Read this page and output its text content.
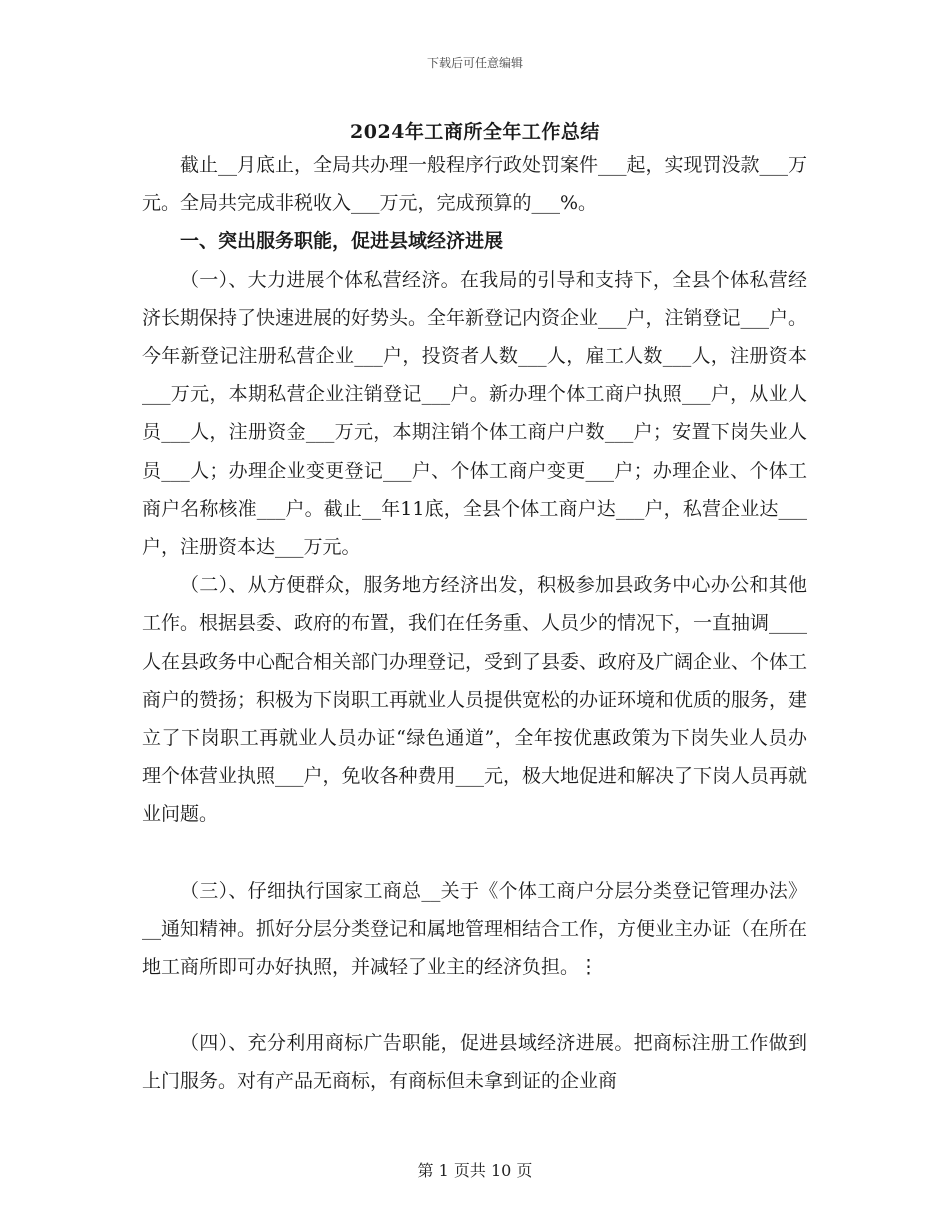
下载后可任意编辑
2024年工商所全年工作总结

截止__月底止，全局共办理一般程序行政处罚案件___起，实现罚没款___万元。全局共完成非税收入___万元，完成预算的___%。

一、突出服务职能，促进县域经济进展

（一）、大力进展个体私营经济。在我局的引导和支持下，全县个体私营经济长期保持了快速进展的好势头。全年新登记内资企业___户，注销登记___户。今年新登记注册私营企业___户，投资者人数___人，雇工人数___人，注册资本___万元，本期私营企业注销登记___户。新办理个体工商户执照___户，从业人员___人，注册资金___万元，本期注销个体工商户户数___户；安置下岗失业人员___人；办理企业变更登记___户、个体工商户变更___户；办理企业、个体工商户名称核准___户。截止__年11底，全县个体工商户达___户，私营企业达___户，注册资本达___万元。

（二）、从方便群众，服务地方经济出发，积极参加县政务中心办公和其他工作。根据县委、政府的布置，我们在任务重、人员少的情况下，一直抽调____人在县政务中心配合相关部门办理登记，受到了县委、政府及广阔企业、个体工商户的赞扬；积极为下岗职工再就业人员提供宽松的办证环境和优质的服务，建立了下岗职工再就业人员办证“绿色通道”，全年按优惠政策为下岗失业人员办理个体营业执照___户，免收各种费用___元，极大地促进和解决了下岗人员再就业问题。

（三）、仔细执行国家工商总__关于《个体工商户分层分类登记管理办法》__通知精神。抓好分层分类登记和属地管理相结合工作，方便业主办证（在所在地工商所即可办好执照，并减轻了业主的经济负担。⋮

（四）、充分利用商标广告职能，促进县域经济进展。把商标注册工作做到上门服务。对有产品无商标，有商标但未拿到证的企业商

第 1 页共 10 页
